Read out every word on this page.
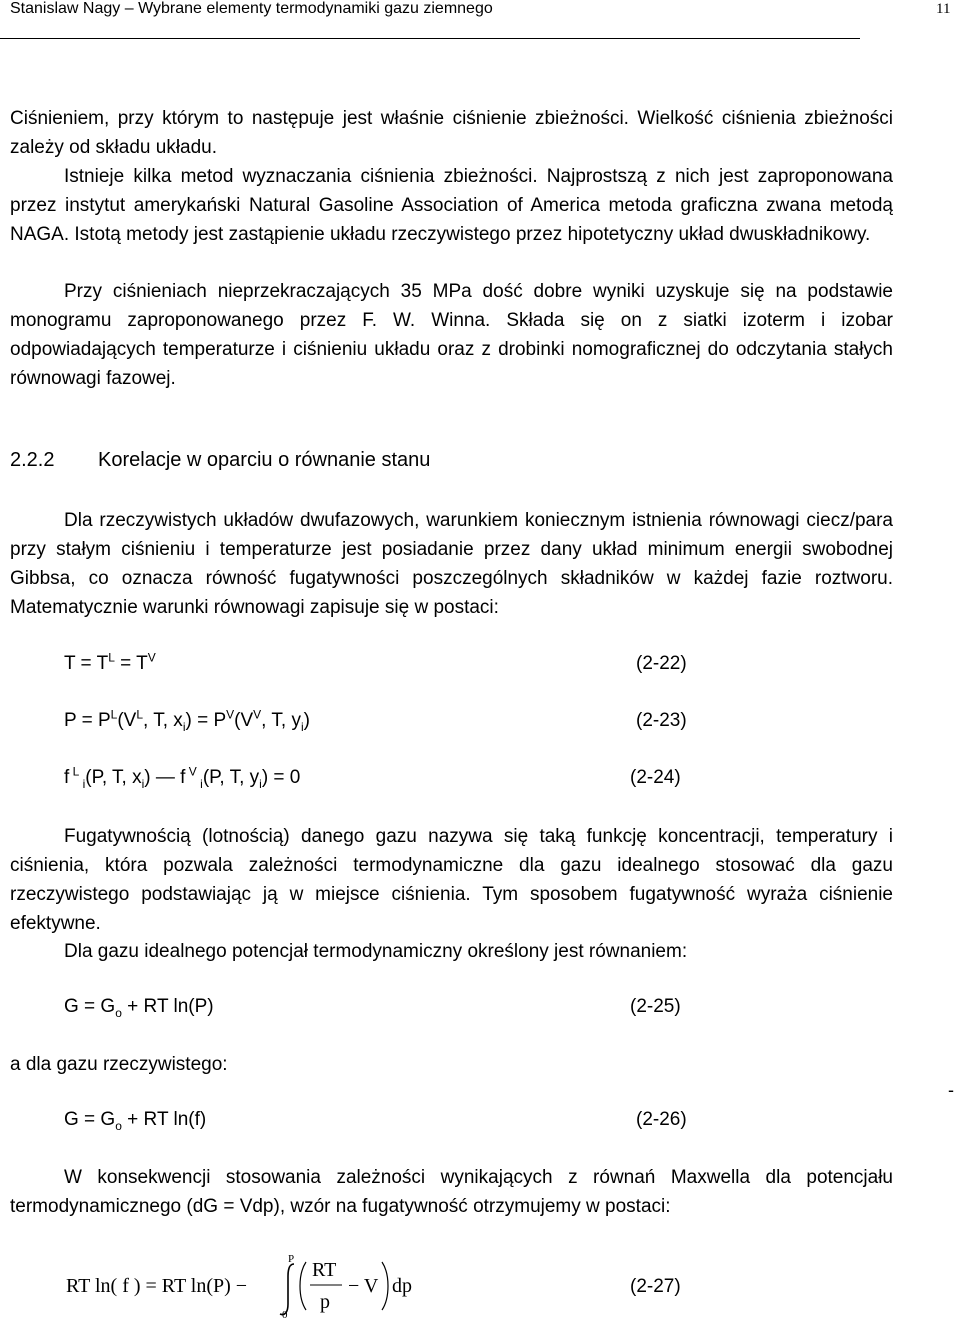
Stanislaw Nagy – Wybrane elementy termodynamiki gazu ziemnego	11
Ciśnieniem, przy którym to następuje jest właśnie ciśnienie zbieżności. Wielkość ciśnienia zbieżności zależy od składu układu.
Istnieje kilka metod wyznaczania ciśnienia zbieżności. Najprostszą z nich jest zaproponowana przez instytut amerykański Natural Gasoline Association of America metoda graficzna zwana metodą NAGA. Istotą metody jest zastąpienie układu rzeczywistego przez hipotetyczny układ dwuskładnikowy.
Przy ciśnieniach nieprzekraczających 35 MPa dość dobre wyniki uzyskuje się na podstawie monogramu zaproponowanego przez F. W. Winna. Składa się on z siatki izoterm i izobar odpowiadających temperaturze i ciśnieniu układu oraz z drobinki nomograficznej do odczytania stałych równowagi fazowej.
2.2.2 Korelacje w oparciu o równanie stanu
Dla rzeczywistych układów dwufazowych, warunkiem koniecznym istnienia równowagi ciecz/para przy stałym ciśnieniu i temperaturze jest posiadanie przez dany układ minimum energii swobodnej Gibbsa, co oznacza równość fugatywności poszczególnych składników w każdej fazie roztworu. Matematycznie warunki równowagi zapisuje się w postaci:
$T = T^L = T^V$	(2-22)
$P = P^L(V^L$, T, $x_i) = P^V(V^V$, T, $y_i$)	(2-23)
f $^L$ $_i$(P, T, $x_i$) — f $^V$ $_i$(P, T, $y_i) = 0$	(2-24)
Fugatywnością (lotnością) danego gazu nazywa się taką funkcję koncentracji, temperatury i ciśnienia, która pozwala zależności termodynamiczne dla gazu idealnego stosować dla gazu rzeczywistego podstawiając ją w miejsce ciśnienia. Tym sposobem fugatywność wyraża ciśnienie efektywne.
Dla gazu idealnego potencjał termodynamiczny określony jest równaniem:
$G = G_o$ + RT ln(P)	(2-25)
a dla gazu rzeczywistego:
-
$G = G_o$ + RT ln(f)	(2-26)
W konsekwencji stosowania zależności wynikających z równań Maxwella dla potencjału termodynamicznego (dG = Vdp), wzór na fugatywność otrzymujemy w postaci:
RT ln( f ) = RT ln(P) −
P
0
RT
p
− V dp	(2-27)
